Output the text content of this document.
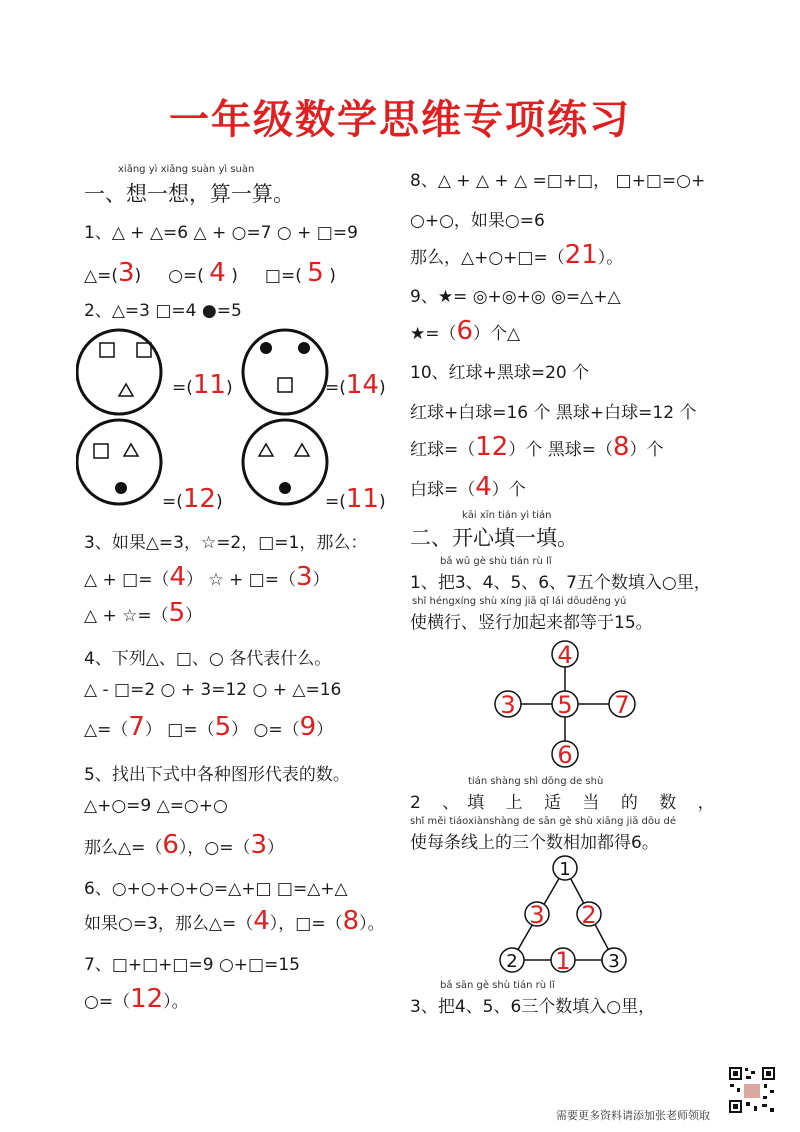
一年级数学思维专项练习
xiǎng yì xiǎng suàn yì suàn
一、想一想，算一算。
1、△ + △=6 △ + ○=7 ○ + □=9
△=(3) ○=( 4 ) □=( 5 )
2、△=3 □=4 ●=5
=(11)	=(14)
=(12)	=(11)
3、如果△=3，☆=2，□=1，那么：
△ + □=（4） ☆ + □=（3）
△ + ☆=（5）
4、下列△、□、○ 各代表什么。
△ - □=2 ○ + 3=12 ○ + △=16
△=（7） □=（5） ○=（9）
5、找出下式中各种图形代表的数。
△+○=9 △=○+○
那么△=（6），○=（3）
6、○+○+○+○=△+□ □=△+△
如果○=3，那么△=（4），□=（8）。
7、□+□+□=9 ○+□=15
○=（12）。
8、△ + △ + △ =□+□， □+□=○+
○+○，如果○=6
那么，△+○+□=（21）。
9、★= ◎+◎+◎ ◎=△+△
★=（6）个△
10、红球+黑球=20 个
红球+白球=16 个 黑球+白球=12 个
红球=（12）个 黑球=（8）个
白球=（4）个
kāi xīn tián yì tián
二、开心填一填。
bǎ wǔ gè shù tián rù lǐ
1、把3、4、5、6、7五个数填入○里，
shǐ héngxíng shù xíng jiā qǐ lái dōuděng yú
使横行、竖行加起来都等于15。
4
3 5 7
6
tián shàng shì dōng de shù
2 、填 上 适 当 的 数 ，
shǐ měi tiáoxiànshàng de sān gè shù xiāng jiā dōu dé
使每条线上的三个数相加都得6。
1
3 2
2 1 3
bǎ sān gè shù tián rù lǐ
3、把4、5、6三个数填入○里，
需要更多资料请添加张老师领取
